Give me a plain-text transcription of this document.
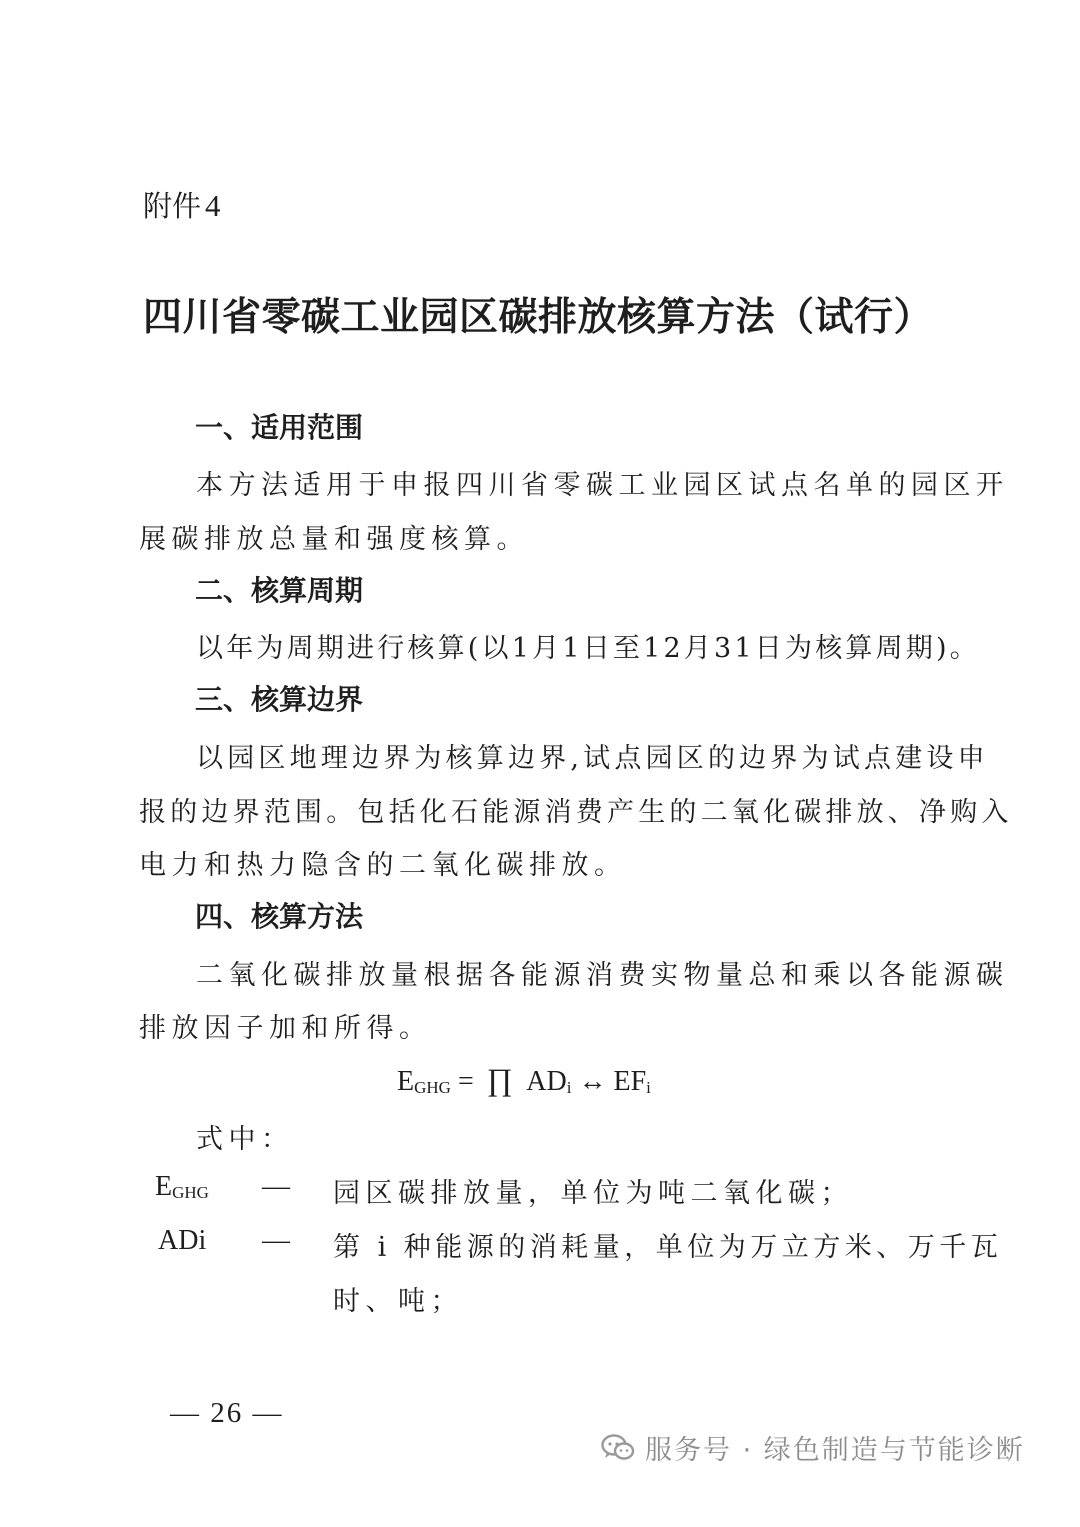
附件 4
四川省零碳工业园区碳排放核算方法（试行）
一、适用范围
本方法适用于申报四川省零碳工业园区试点名单的园区开
展碳排放总量和强度核算。
二、核算周期
以年为周期进行核算(以1月1日至12月31日为核算周期)。
三、核算边界
以园区地理边界为核算边界,试点园区的边界为试点建设申
报的边界范围。包括化石能源消费产生的二氧化碳排放、净购入
电力和热力隐含的二氧化碳排放。
四、核算方法
二氧化碳排放量根据各能源消费实物量总和乘以各能源碳
排放因子加和所得。
$E_{GHG}$ = ∏ $AD_i$ ↔ $EF_i$
式中：
$E_{GHG}$ — 园区碳排放量，单位为吨二氧化碳；
ADi — 第 i 种能源的消耗量，单位为万立方米、万千瓦
时、吨；
— 26 —
服务号 · 绿色制造与节能诊断
